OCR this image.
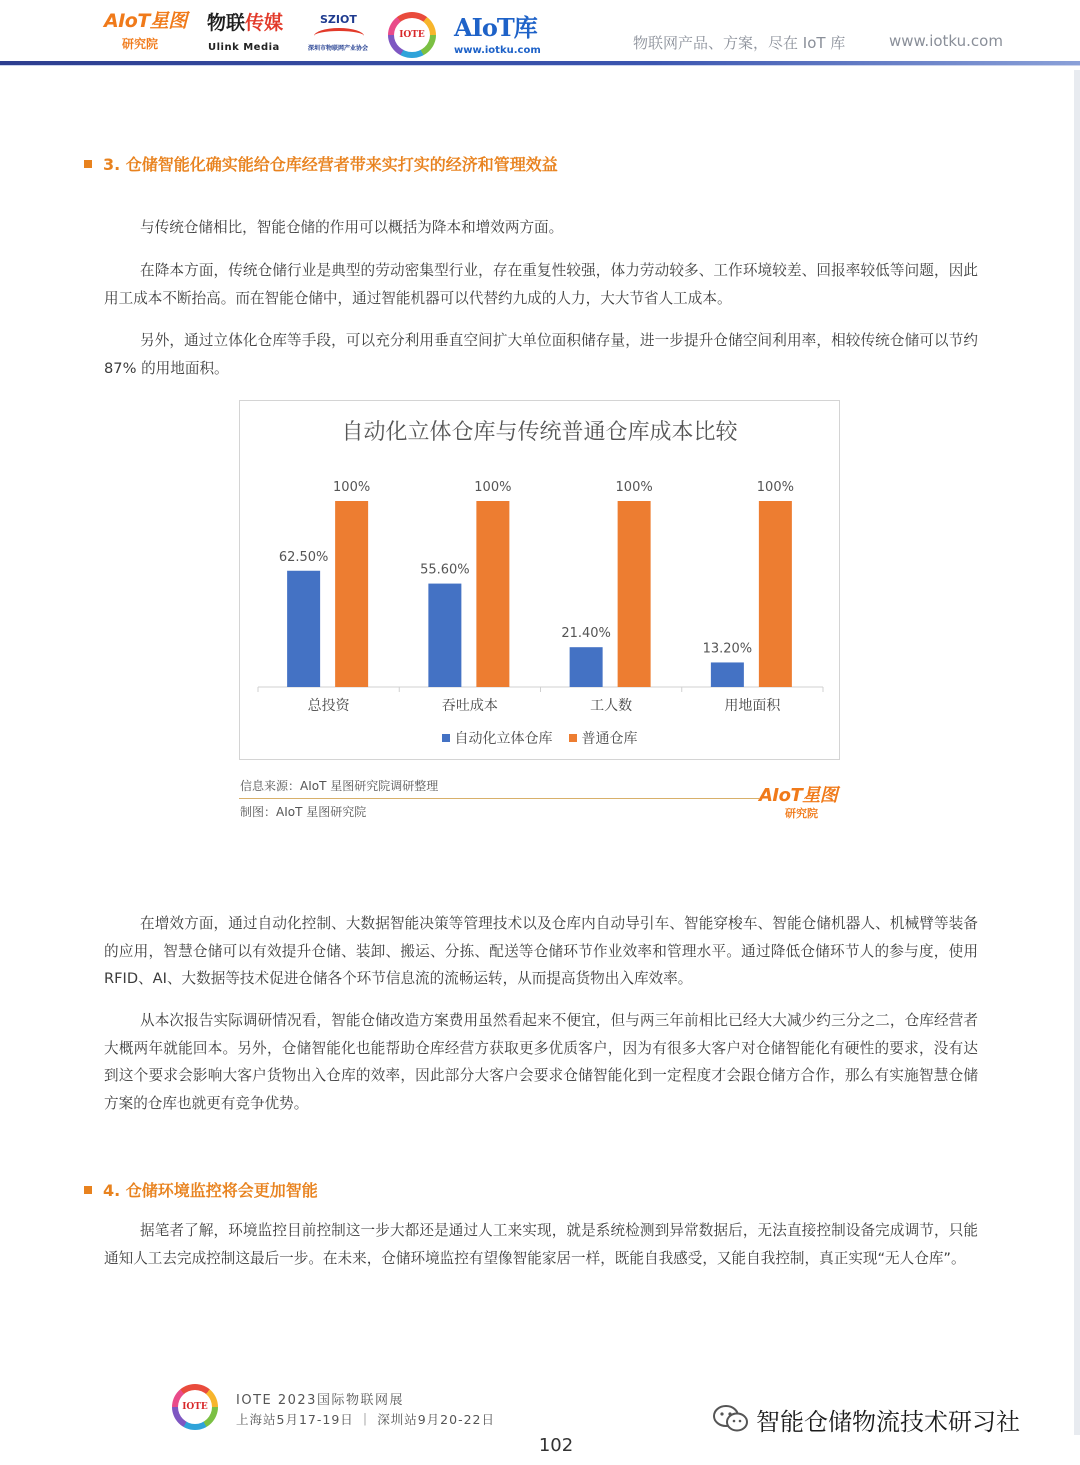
AIoT星图
研究院
物联传媒
Ulink Media
SZIOT
深圳市物联网产业协会
IOTE AIoT库
www.iotku.com	物联网产品、方案，尽在 IoT 库	www.iotku.com
3. 仓储智能化确实能给仓库经营者带来实打实的经济和管理效益

与传统仓储相比，智能仓储的作用可以概括为降本和增效两方面。

在降本方面，传统仓储行业是典型的劳动密集型行业，存在重复性较强，体力劳动较多、工作环境较差、回报率较低等问题，因此用工成本不断抬高。而在智能仓储中，通过智能机器可以代替约九成的人力，大大节省人工成本。

另外，通过立体化仓库等手段，可以充分利用垂直空间扩大单位面积储存量，进一步提升仓储空间利用率，相较传统仓储可以节约 87% 的用地面积。

自动化立体仓库与传统普通仓库成本比较
62.50%
100%
总投资
55.60%
100%
吞吐成本
21.40%
100%
工人数
13.20%
100%
用地面积
自动化立体仓库 普通仓库
信息来源：AIoT 星图研究院调研整理
制图：AIoT 星图研究院
AIoT星图
研究院

在增效方面，通过自动化控制、大数据智能决策等管理技术以及仓库内自动导引车、智能穿梭车、智能仓储机器人、机械臂等装备的应用，智慧仓储可以有效提升仓储、装卸、搬运、分拣、配送等仓储环节作业效率和管理水平。通过降低仓储环节人的参与度，使用 RFID、AI、大数据等技术促进仓储各个环节信息流的流畅运转，从而提高货物出入库效率。

从本次报告实际调研情况看，智能仓储改造方案费用虽然看起来不便宜，但与两三年前相比已经大大减少约三分之二，仓库经营者大概两年就能回本。另外，仓储智能化也能帮助仓库经营方获取更多优质客户，因为有很多大客户对仓储智能化有硬性的要求，没有达到这个要求会影响大客户货物出入仓库的效率，因此部分大客户会要求仓储智能化到一定程度才会跟仓储方合作，那么有实施智慧仓储方案的仓库也就更有竞争优势。

4. 仓储环境监控将会更加智能

据笔者了解，环境监控目前控制这一步大都还是通过人工来实现，就是系统检测到异常数据后，无法直接控制设备完成调节，只能通知人工去完成控制这最后一步。在未来，仓储环境监控有望像智能家居一样，既能自我感受，又能自我控制，真正实现“无人仓库”。

IOTE	IOTE 2023国际物联网展
上海站5月17-19日 ｜ 深圳站9月20-22日
102
智能仓储物流技术研习社
